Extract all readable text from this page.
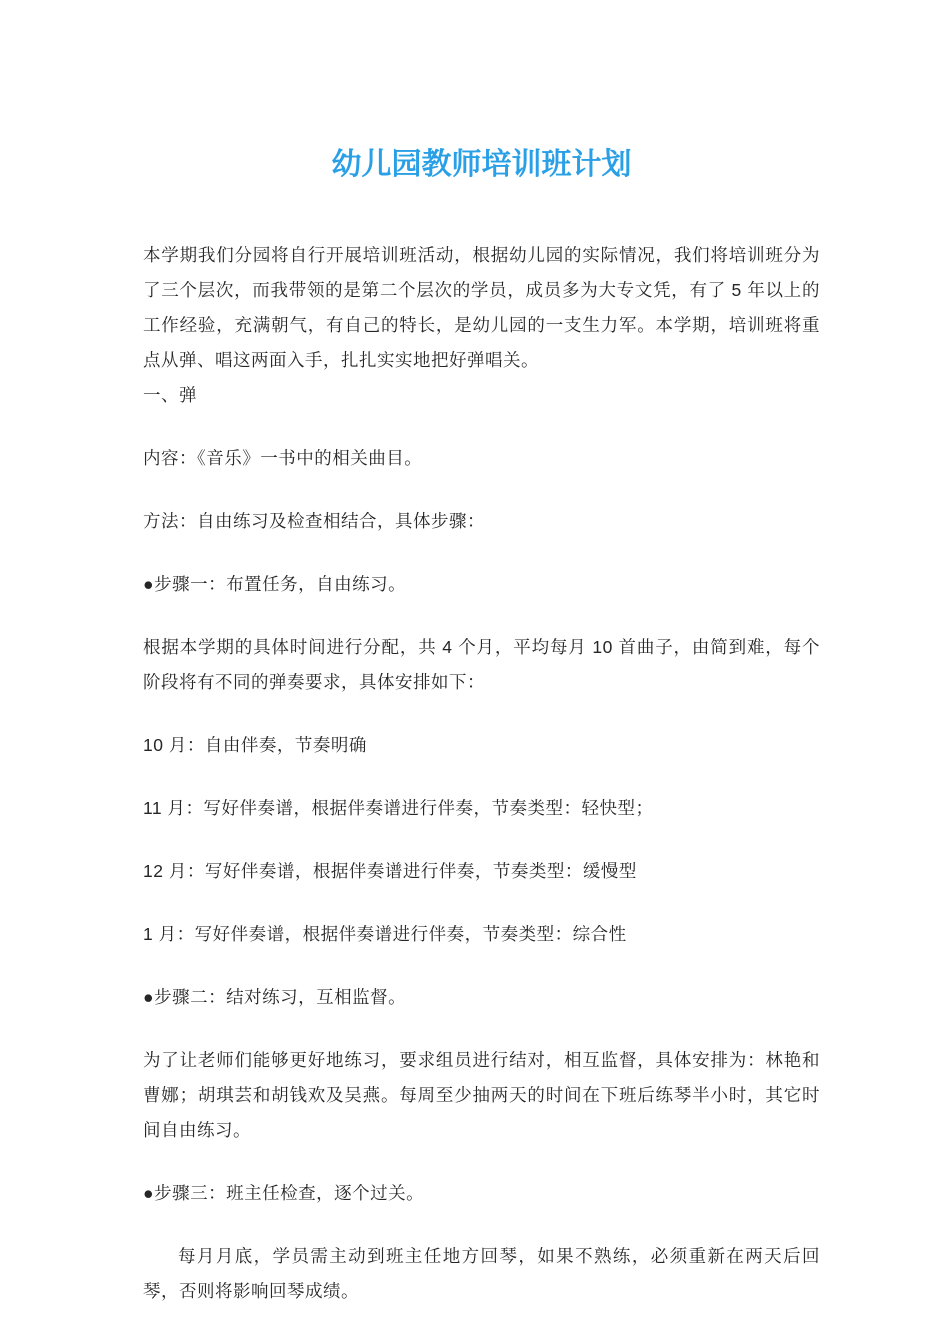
幼儿园教师培训班计划

本学期我们分园将自行开展培训班活动，根据幼儿园的实际情况，我们将培训班分为了三个层次，而我带领的是第二个层次的学员，成员多为大专文凭，有了 5 年以上的工作经验，充满朝气，有自己的特长，是幼儿园的一支生力军。本学期，培训班将重点从弹、唱这两面入手，扎扎实实地把好弹唱关。

一、弹

内容：《音乐》一书中的相关曲目。

方法：自由练习及检查相结合，具体步骤：

●步骤一：布置任务，自由练习。

根据本学期的具体时间进行分配，共 4 个月，平均每月 10 首曲子，由简到难，每个阶段将有不同的弹奏要求，具体安排如下：

10 月：自由伴奏，节奏明确

11 月：写好伴奏谱，根据伴奏谱进行伴奏，节奏类型：轻快型；

12 月：写好伴奏谱，根据伴奏谱进行伴奏，节奏类型：缓慢型

1 月：写好伴奏谱，根据伴奏谱进行伴奏，节奏类型：综合性

●步骤二：结对练习，互相监督。

为了让老师们能够更好地练习，要求组员进行结对，相互监督，具体安排为：林艳和曹娜；胡琪芸和胡钱欢及吴燕。每周至少抽两天的时间在下班后练琴半小时，其它时间自由练习。

●步骤三：班主任检查，逐个过关。

每月月底，学员需主动到班主任地方回琴，如果不熟练，必须重新在两天后回琴，否则将影响回琴成绩。
